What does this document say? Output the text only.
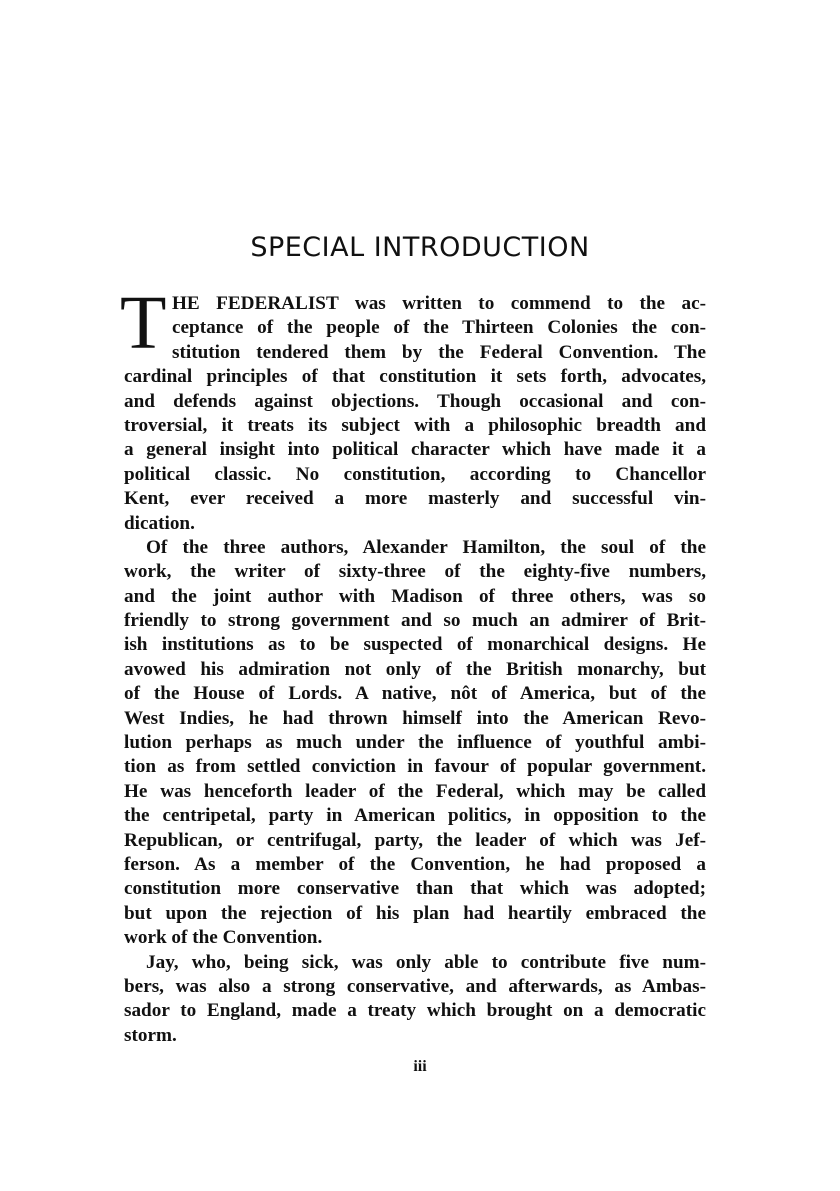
SPECIAL INTRODUCTION
T HE FEDERALIST was written to commend to the ac-
ceptance of the people of the Thirteen Colonies the con-
stitution tendered them by the Federal Convention. The
cardinal principles of that constitution it sets forth, advocates,
and defends against objections. Though occasional and con-
troversial, it treats its subject with a philosophic breadth and
a general insight into political character which have made it a
political classic. No constitution, according to Chancellor
Kent, ever received a more masterly and successful vin-
dication.
Of the three authors, Alexander Hamilton, the soul of the
work, the writer of sixty-three of the eighty-five numbers,
and the joint author with Madison of three others, was so
friendly to strong government and so much an admirer of Brit-
ish institutions as to be suspected of monarchical designs. He
avowed his admiration not only of the British monarchy, but
of the House of Lords. A native, nôt of America, but of the
West Indies, he had thrown himself into the American Revo-
lution perhaps as much under the influence of youthful ambi-
tion as from settled conviction in favour of popular government.
He was henceforth leader of the Federal, which may be called
the centripetal, party in American politics, in opposition to the
Republican, or centrifugal, party, the leader of which was Jef-
ferson. As a member of the Convention, he had proposed a
constitution more conservative than that which was adopted;
but upon the rejection of his plan had heartily embraced the
work of the Convention.
Jay, who, being sick, was only able to contribute five num-
bers, was also a strong conservative, and afterwards, as Ambas-
sador to England, made a treaty which brought on a democratic
storm.
iii
